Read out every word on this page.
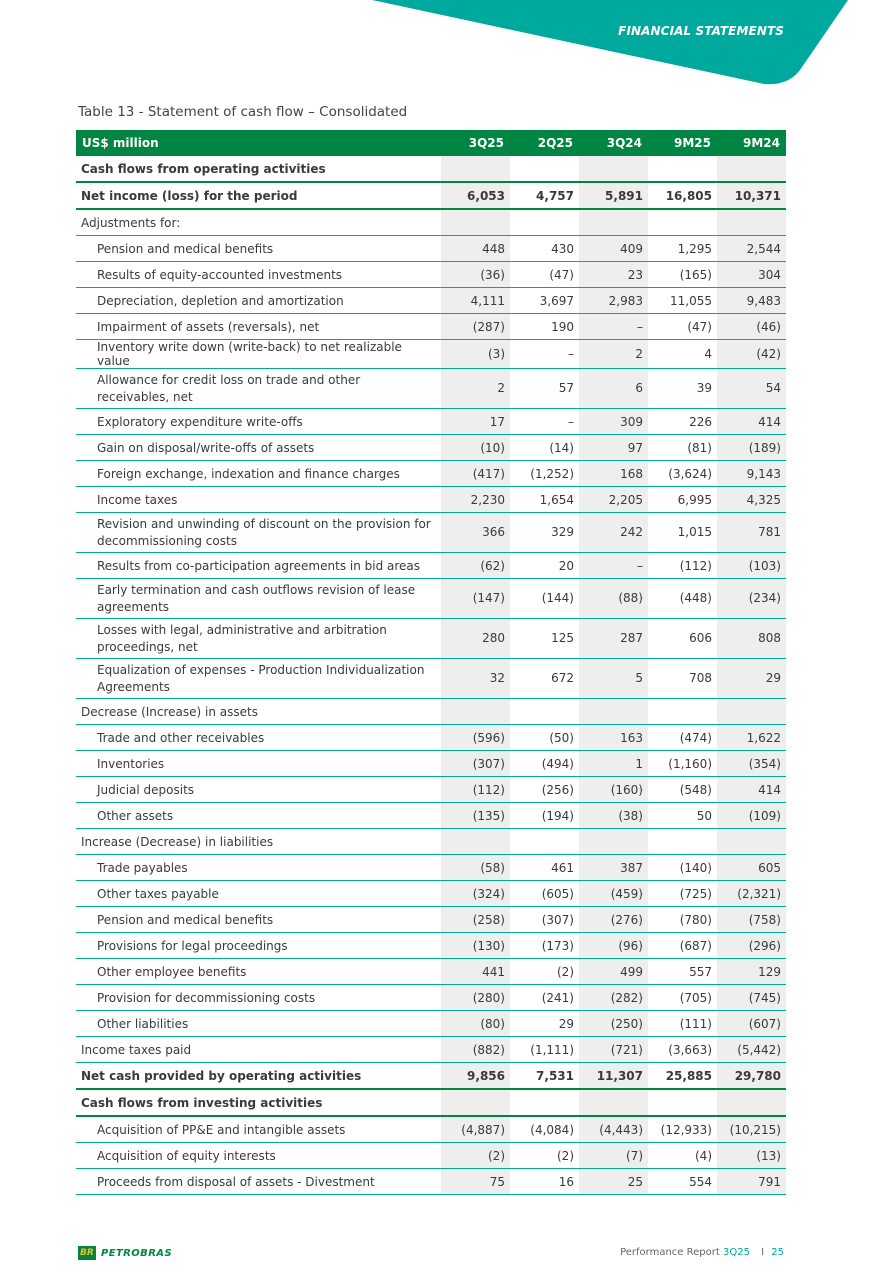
FINANCIAL STATEMENTS
Table 13 - Statement of cash flow – Consolidated
US$ million	3Q25	2Q25	3Q24	9M25	9M24
Cash flows from operating activities					
Net income (loss) for the period	6,053	4,757	5,891	16,805	10,371
Adjustments for:					
Pension and medical benefits	448	430	409	1,295	2,544
Results of equity-accounted investments	(36)	(47)	23	(165)	304
Depreciation, depletion and amortization	4,111	3,697	2,983	11,055	9,483
Impairment of assets (reversals), net	(287)	190	–	(47)	(46)
Inventory write down (write-back) to net realizable value	(3)	–	2	4	(42)
Allowance for credit loss on trade and other receivables, net	2	57	6	39	54
Exploratory expenditure write-offs	17	–	309	226	414
Gain on disposal/write-offs of assets	(10)	(14)	97	(81)	(189)
Foreign exchange, indexation and finance charges	(417)	(1,252)	168	(3,624)	9,143
Income taxes	2,230	1,654	2,205	6,995	4,325
Revision and unwinding of discount on the provision for decommissioning costs	366	329	242	1,015	781
Results from co-participation agreements in bid areas	(62)	20	–	(112)	(103)
Early termination and cash outflows revision of lease agreements	(147)	(144)	(88)	(448)	(234)
Losses with legal, administrative and arbitration proceedings, net	280	125	287	606	808
Equalization of expenses - Production Individualization Agreements	32	672	5	708	29
Decrease (Increase) in assets					
Trade and other receivables	(596)	(50)	163	(474)	1,622
Inventories	(307)	(494)	1	(1,160)	(354)
Judicial deposits	(112)	(256)	(160)	(548)	414
Other assets	(135)	(194)	(38)	50	(109)
Increase (Decrease) in liabilities					
Trade payables	(58)	461	387	(140)	605
Other taxes payable	(324)	(605)	(459)	(725)	(2,321)
Pension and medical benefits	(258)	(307)	(276)	(780)	(758)
Provisions for legal proceedings	(130)	(173)	(96)	(687)	(296)
Other employee benefits	441	(2)	499	557	129
Provision for decommissioning costs	(280)	(241)	(282)	(705)	(745)
Other liabilities	(80)	29	(250)	(111)	(607)
Income taxes paid	(882)	(1,111)	(721)	(3,663)	(5,442)
Net cash provided by operating activities	9,856	7,531	11,307	25,885	29,780
Cash flows from investing activities					
Acquisition of PP&E and intangible assets	(4,887)	(4,084)	(4,443)	(12,933)	(10,215)
Acquisition of equity interests	(2)	(2)	(7)	(4)	(13)
Proceeds from disposal of assets - Divestment	75	16	25	554	791
BR PETROBRAS	Performance Report 3Q25 I 25
